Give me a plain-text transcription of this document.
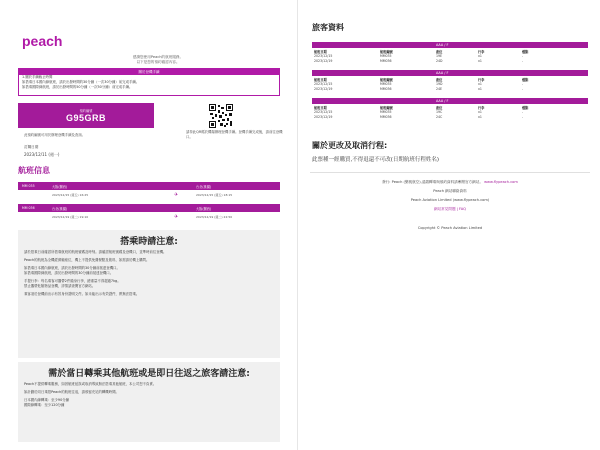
peach
感謝您使用Peach的航班服務。
以下是您的預約確認內容。
關於登機手續
1.關於手續截止時間
如搭乘日本國內線航班，請於出發時間的30分鐘（一次30分鐘）前完成手續。
如搭乘國際線航班，請於出發時間的50分鐘（一次50分鐘）前完成手續。
預約編號
G95GRB
此預約編號可用於辦理登機手續及查詢。
請持此QR碼於機場辦理登機手續。登機手續完成後，請前往登機口。
訂購日期
2023/12/11 (週一)
航班信息
MM 035	大阪(關西)	台北(桃園)
2023/12/15 (週五) 16:25	✈	2023/12/15 (週五) 18:15
MM 036	台北(桃園)	大阪(關西)
2023/12/19 (週二) 19:10	✈	2023/12/19 (週二) 22:50
搭乘時請注意:

請於搭乘日前確認所搭乘航班的航班號碼及時刻。請確認航班號碼及登機口，並準時前往登機。

Peach的航班為全機經濟艙座位，機上不提供免費餐點及飲料，如需請於機上購買。

如搭乘日本國內線航班，請於出發時間的30分鐘前抵達登機口。

如搭乘國際線航班，請於出發時間的30分鐘前抵達登機口。

手提行李：每名乘客可攜帶2件隨身行李，總重量不得超過7kg。

禁止攜帶危險物品登機，詳情請查閱官方網站。

乘客須於登機前出示有效身份證明文件。如未能出示有效證件，將無法搭乘。

需於當日轉乘其他航班或是即日往返之旅客請注意:

Peach不提供轉乘服務，如因航班延誤或取消導致無法搭乘其他航班，本公司恕不負責。

如計劃於同日乘搭Peach的航班往返，請預留充足的轉機時間。

日本國內線轉乘：至少90分鐘

國際線轉乘：至少120分鐘

旅客資料
AAA / F
航班日期	航班編號	座位	行李	餐點
2023/12/15	MM035	19E	x1	-
2023/12/19	MM036	24D	x1	-
AAA / F
航班日期	航班編號	座位	行李	餐點
2023/12/15	MM035	19D	x1	-
2023/12/19	MM036	24E	x1	-
AAA / F
航班日期	航班編號	座位	行李	餐點
2023/12/15	MM035	19C	x1	-
2023/12/19	MM036	24C	x1	-
關於更改及取消行程:
此票種一經購買,不得退還不可改(日期航班行程姓名)
發行: Peach (樂桃航空),遠端轉乘與預約資料請參閱官方網站。 www.flypeach.com
Peach 網站聯絡資料
Peach Aviation Limited (www.flypeach.com)
網站常見問題 | FAQ
Copyright © Peach Aviation Limited
